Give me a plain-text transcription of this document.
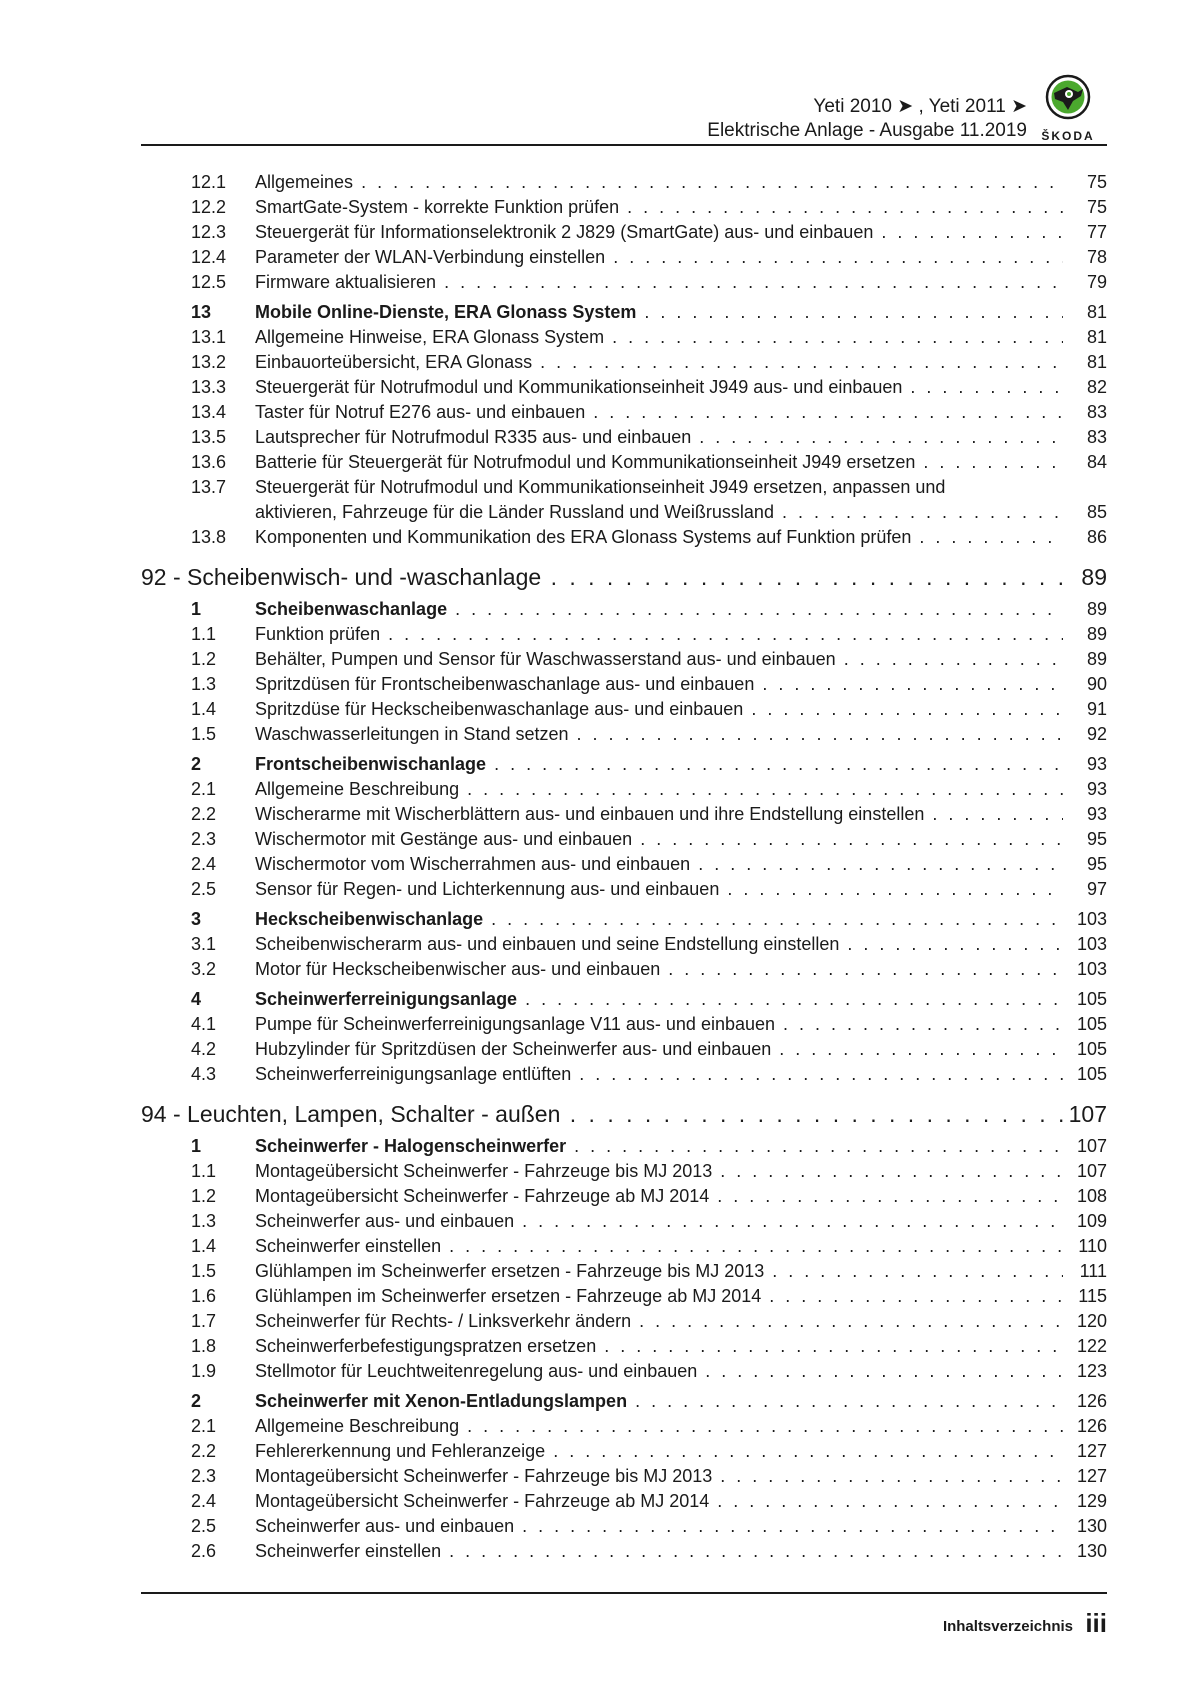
Yeti 2010 ➤ , Yeti 2011 ➤
Elektrische Anlage - Ausgabe 11.2019 ŠKODA
12.1	Allgemeines . . .	75
12.2	SmartGate-System - korrekte Funktion prüfen . . .	75
12.3	Steuergerät für Informationselektronik 2 J829 (SmartGate) aus- und einbauen . . .	77
12.4	Parameter der WLAN-Verbindung einstellen . . .	78
12.5	Firmware aktualisieren . . .	79
13	Mobile Online-Dienste, ERA Glonass System . . .	81
13.1	Allgemeine Hinweise, ERA Glonass System . . .	81
13.2	Einbauorteübersicht, ERA Glonass . . .	81
13.3	Steuergerät für Notrufmodul und Kommunikationseinheit J949 aus- und einbauen . . .	82
13.4	Taster für Notruf E276 aus- und einbauen . . .	83
13.5	Lautsprecher für Notrufmodul R335 aus- und einbauen . . .	83
13.6	Batterie für Steuergerät für Notrufmodul und Kommunikationseinheit J949 ersetzen . . .	84
13.7	Steuergerät für Notrufmodul und Kommunikationseinheit J949 ersetzen, anpassen und
aktivieren, Fahrzeuge für die Länder Russland und Weißrussland . . .	85
13.8	Komponenten und Kommunikation des ERA Glonass Systems auf Funktion prüfen . . .	86
92 - Scheibenwisch- und -waschanlage . . .	89
1	Scheibenwaschanlage . . .	89
1.1	Funktion prüfen . . .	89
1.2	Behälter, Pumpen und Sensor für Waschwasserstand aus- und einbauen . . .	89
1.3	Spritzdüsen für Frontscheibenwaschanlage aus- und einbauen . . .	90
1.4	Spritzdüse für Heckscheibenwaschanlage aus- und einbauen . . .	91
1.5	Waschwasserleitungen in Stand setzen . . .	92
2	Frontscheibenwischanlage . . .	93
2.1	Allgemeine Beschreibung . . .	93
2.2	Wischerarme mit Wischerblättern aus- und einbauen und ihre Endstellung einstellen . . .	93
2.3	Wischermotor mit Gestänge aus- und einbauen . . .	95
2.4	Wischermotor vom Wischerrahmen aus- und einbauen . . .	95
2.5	Sensor für Regen- und Lichterkennung aus- und einbauen . . .	97
3	Heckscheibenwischanlage . . .	103
3.1	Scheibenwischerarm aus- und einbauen und seine Endstellung einstellen . . .	103
3.2	Motor für Heckscheibenwischer aus- und einbauen . . .	103
4	Scheinwerferreinigungsanlage . . .	105
4.1	Pumpe für Scheinwerferreinigungsanlage V11 aus- und einbauen . . .	105
4.2	Hubzylinder für Spritzdüsen der Scheinwerfer aus- und einbauen . . .	105
4.3	Scheinwerferreinigungsanlage entlüften . . .	105
94 - Leuchten, Lampen, Schalter - außen . . .	107
1	Scheinwerfer - Halogenscheinwerfer . . .	107
1.1	Montageübersicht Scheinwerfer - Fahrzeuge bis MJ 2013 . . .	107
1.2	Montageübersicht Scheinwerfer - Fahrzeuge ab MJ 2014 . . .	108
1.3	Scheinwerfer aus- und einbauen . . .	109
1.4	Scheinwerfer einstellen . . .	110
1.5	Glühlampen im Scheinwerfer ersetzen - Fahrzeuge bis MJ 2013 . . .	111
1.6	Glühlampen im Scheinwerfer ersetzen - Fahrzeuge ab MJ 2014 . . .	115
1.7	Scheinwerfer für Rechts- / Linksverkehr ändern . . .	120
1.8	Scheinwerferbefestigungspratzen ersetzen . . .	122
1.9	Stellmotor für Leuchtweitenregelung aus- und einbauen . . .	123
2	Scheinwerfer mit Xenon-Entladungslampen . . .	126
2.1	Allgemeine Beschreibung . . .	126
2.2	Fehlererkennung und Fehleranzeige . . .	127
2.3	Montageübersicht Scheinwerfer - Fahrzeuge bis MJ 2013 . . .	127
2.4	Montageübersicht Scheinwerfer - Fahrzeuge ab MJ 2014 . . .	129
2.5	Scheinwerfer aus- und einbauen . . .	130
2.6	Scheinwerfer einstellen . . .	130
Inhaltsverzeichnis iii
